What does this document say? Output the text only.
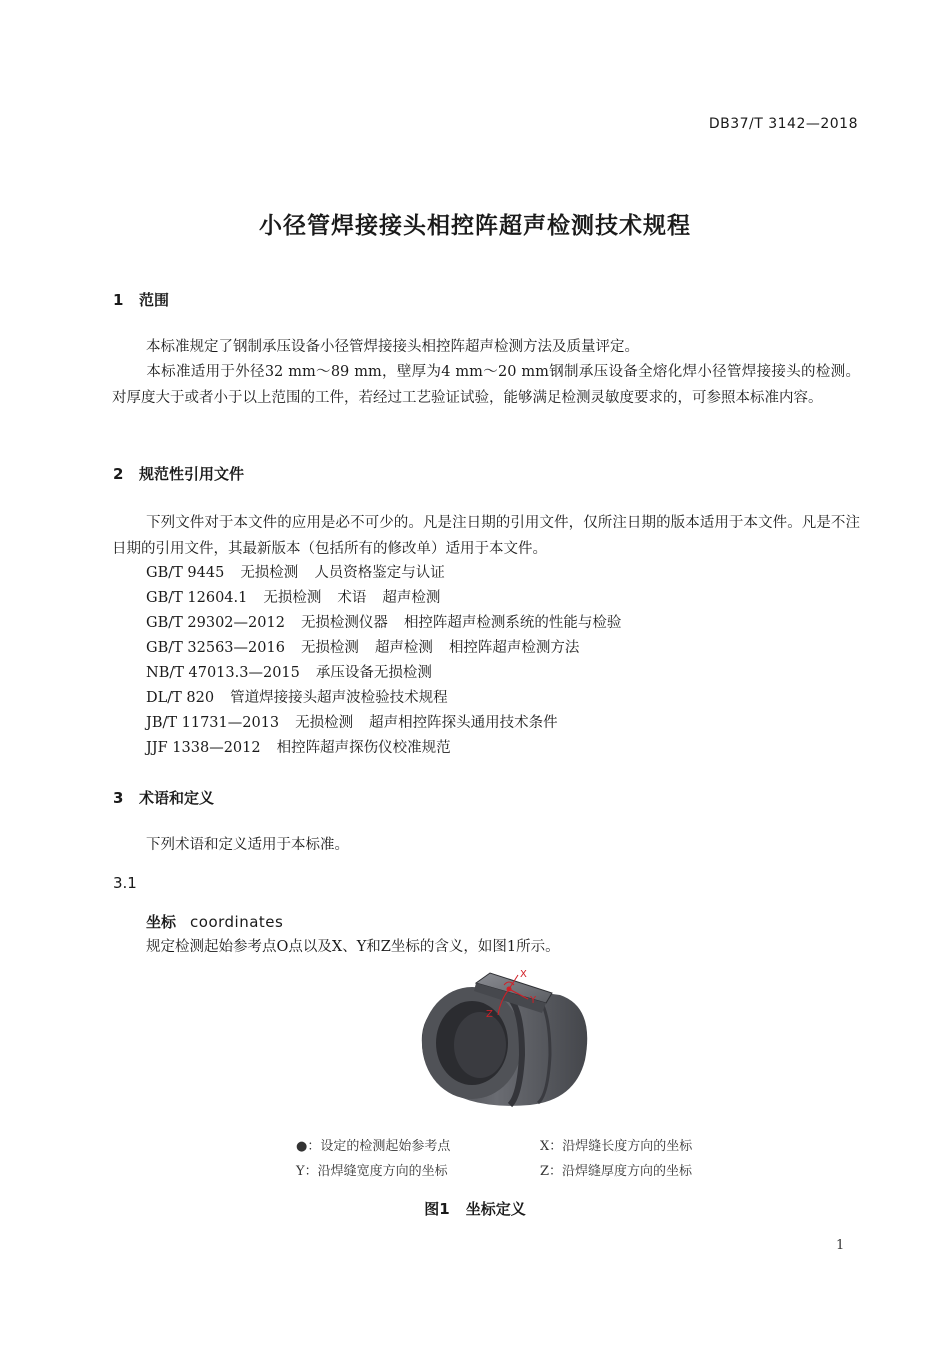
DB37/T 3142—2018
小径管焊接接头相控阵超声检测技术规程
1 范围
本标准规定了钢制承压设备小径管焊接接头相控阵超声检测方法及质量评定。
本标准适用于外径32 mm～89 mm，壁厚为4 mm～20 mm钢制承压设备全熔化焊小径管焊接接头的检测。对厚度大于或者小于以上范围的工件，若经过工艺验证试验，能够满足检测灵敏度要求的，可参照本标准内容。
2 规范性引用文件
下列文件对于本文件的应用是必不可少的。凡是注日期的引用文件，仅所注日期的版本适用于本文件。凡是不注日期的引用文件，其最新版本（包括所有的修改单）适用于本文件。
GB/T 9445 无损检测 人员资格鉴定与认证
GB/T 12604.1 无损检测 术语 超声检测
GB/T 29302—2012 无损检测仪器 相控阵超声检测系统的性能与检验
GB/T 32563—2016 无损检测 超声检测 相控阵超声检测方法
NB/T 47013.3—2015 承压设备无损检测
DL/T 820 管道焊接接头超声波检验技术规程
JB/T 11731—2013 无损检测 超声相控阵探头通用技术条件
JJF 1338—2012 相控阵超声探伤仪校准规范
3 术语和定义
下列术语和定义适用于本标准。
3.1
坐标 coordinates
规定检测起始参考点O点以及X、Y和Z坐标的含义，如图1所示。
X
Y
Z
●：设定的检测起始参考点	X：沿焊缝长度方向的坐标
Y：沿焊缝宽度方向的坐标	Z：沿焊缝厚度方向的坐标
图1 坐标定义
1
